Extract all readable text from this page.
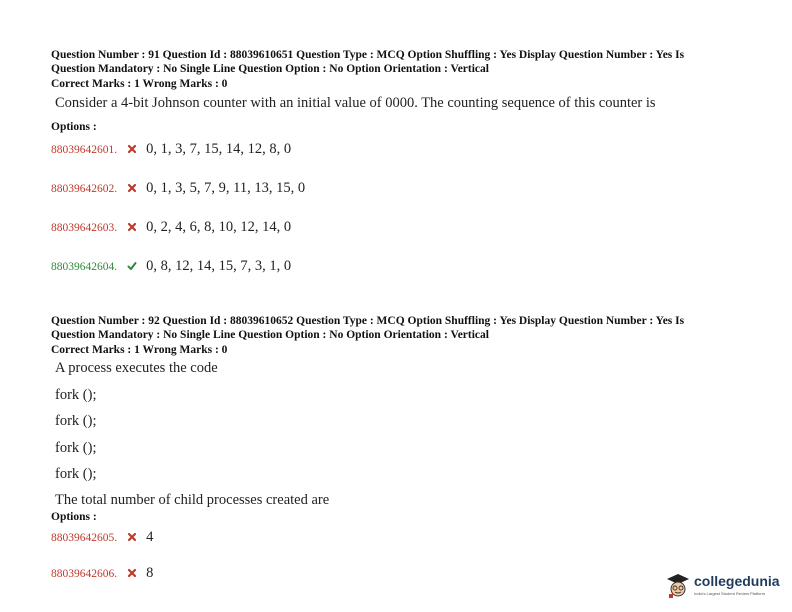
Question Number : 91 Question Id : 88039610651 Question Type : MCQ Option Shuffling : Yes Display Question Number : Yes Is
Question Mandatory : No Single Line Question Option : No Option Orientation : Vertical
Correct Marks : 1 Wrong Marks : 0
Consider a 4-bit Johnson counter with an initial value of 0000. The counting sequence of this counter is
Options :
88039642601. 0, 1, 3, 7, 15, 14, 12, 8, 0
88039642602. 0, 1, 3, 5, 7, 9, 11, 13, 15, 0
88039642603. 0, 2, 4, 6, 8, 10, 12, 14, 0
88039642604. 0, 8, 12, 14, 15, 7, 3, 1, 0
Question Number : 92 Question Id : 88039610652 Question Type : MCQ Option Shuffling : Yes Display Question Number : Yes Is
Question Mandatory : No Single Line Question Option : No Option Orientation : Vertical
Correct Marks : 1 Wrong Marks : 0
A process executes the code
fork ();
fork ();
fork ();
fork ();
The total number of child processes created are
Options :
88039642605. 4
88039642606. 8	collegedunia
India's Largest Student Review Platform
